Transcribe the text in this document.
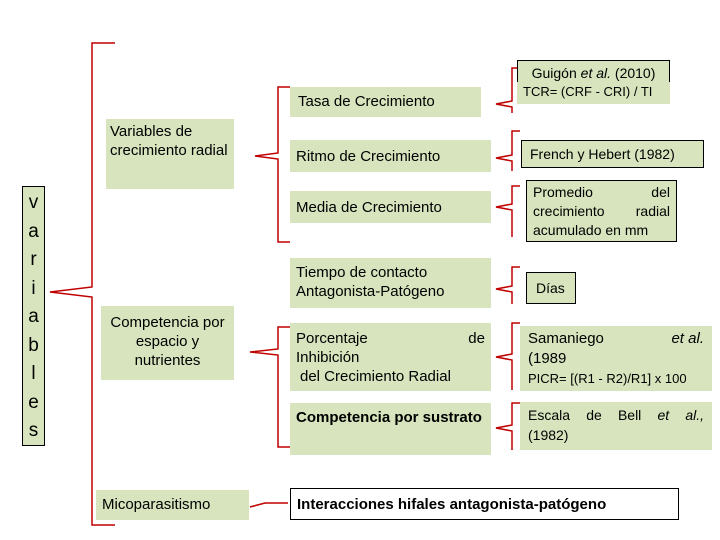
v
a
r
i
a
b
l
e
s
Variables de crecimiento radial
Competencia por espacio y nutrientes
Micoparasitismo
Tasa de Crecimiento
Ritmo de Crecimiento
Media de Crecimiento
Tiempo de contacto Antagonista-Patógeno
Porcentaje de
Inhibición
del Crecimiento Radial
Competencia por sustrato
Interacciones hifales antagonista-patógeno
Guigón et al. (2010)
TCR= (CRF - CRI) / TI
French y Hebert (1982)
Promedio del crecimiento radial acumulado en mm
Días
Samaniego	et al.
(1989
PICR= [(R1 - R2)/R1] x 100
Escala de Bell et al.,
(1982)
